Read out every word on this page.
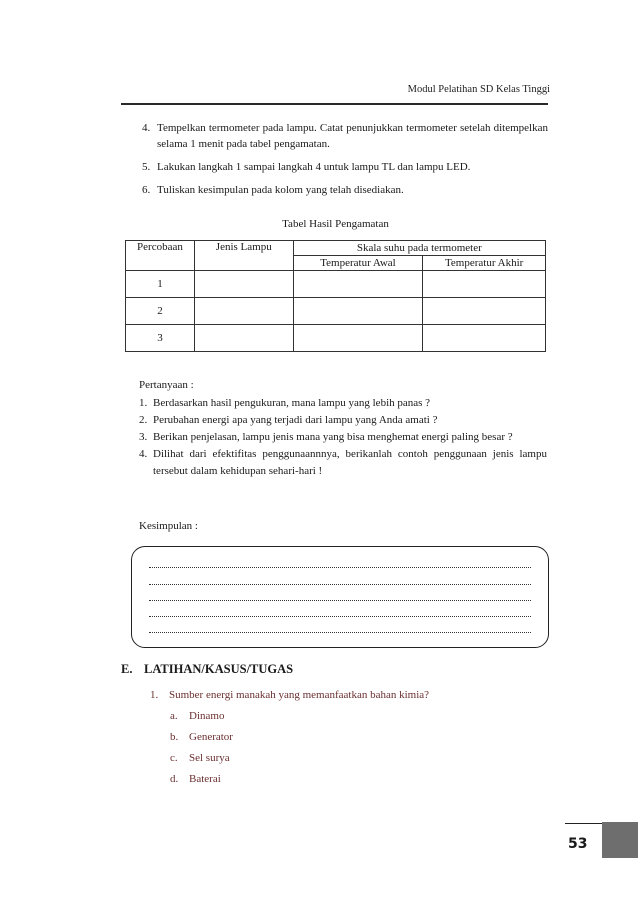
Modul Pelatihan SD Kelas Tinggi
4. Tempelkan termometer pada lampu. Catat penunjukkan termometer setelah ditempelkan selama 1 menit pada tabel pengamatan.
5. Lakukan langkah 1 sampai langkah 4 untuk lampu TL dan lampu LED.
6. Tuliskan kesimpulan pada kolom yang telah disediakan.
Tabel Hasil Pengamatan
Percobaan	Jenis Lampu	Skala suhu pada termometer	
		Temperatur Awal	Temperatur Akhir
1			
2			
3			
Pertanyaan :
1. Berdasarkan hasil pengukuran, mana lampu yang lebih panas ?
2. Perubahan energi apa yang terjadi dari lampu yang Anda amati ?
3. Berikan penjelasan, lampu jenis mana yang bisa menghemat energi paling besar ?
4. Dilihat dari efektifitas penggunaannnya, berikanlah contoh penggunaan jenis lampu tersebut dalam kehidupan sehari-hari !
Kesimpulan :
E. LATIHAN/KASUS/TUGAS
1. Sumber energi manakah yang memanfaatkan bahan kimia?
a. Dinamo
b. Generator
c. Sel surya
d. Baterai
53
